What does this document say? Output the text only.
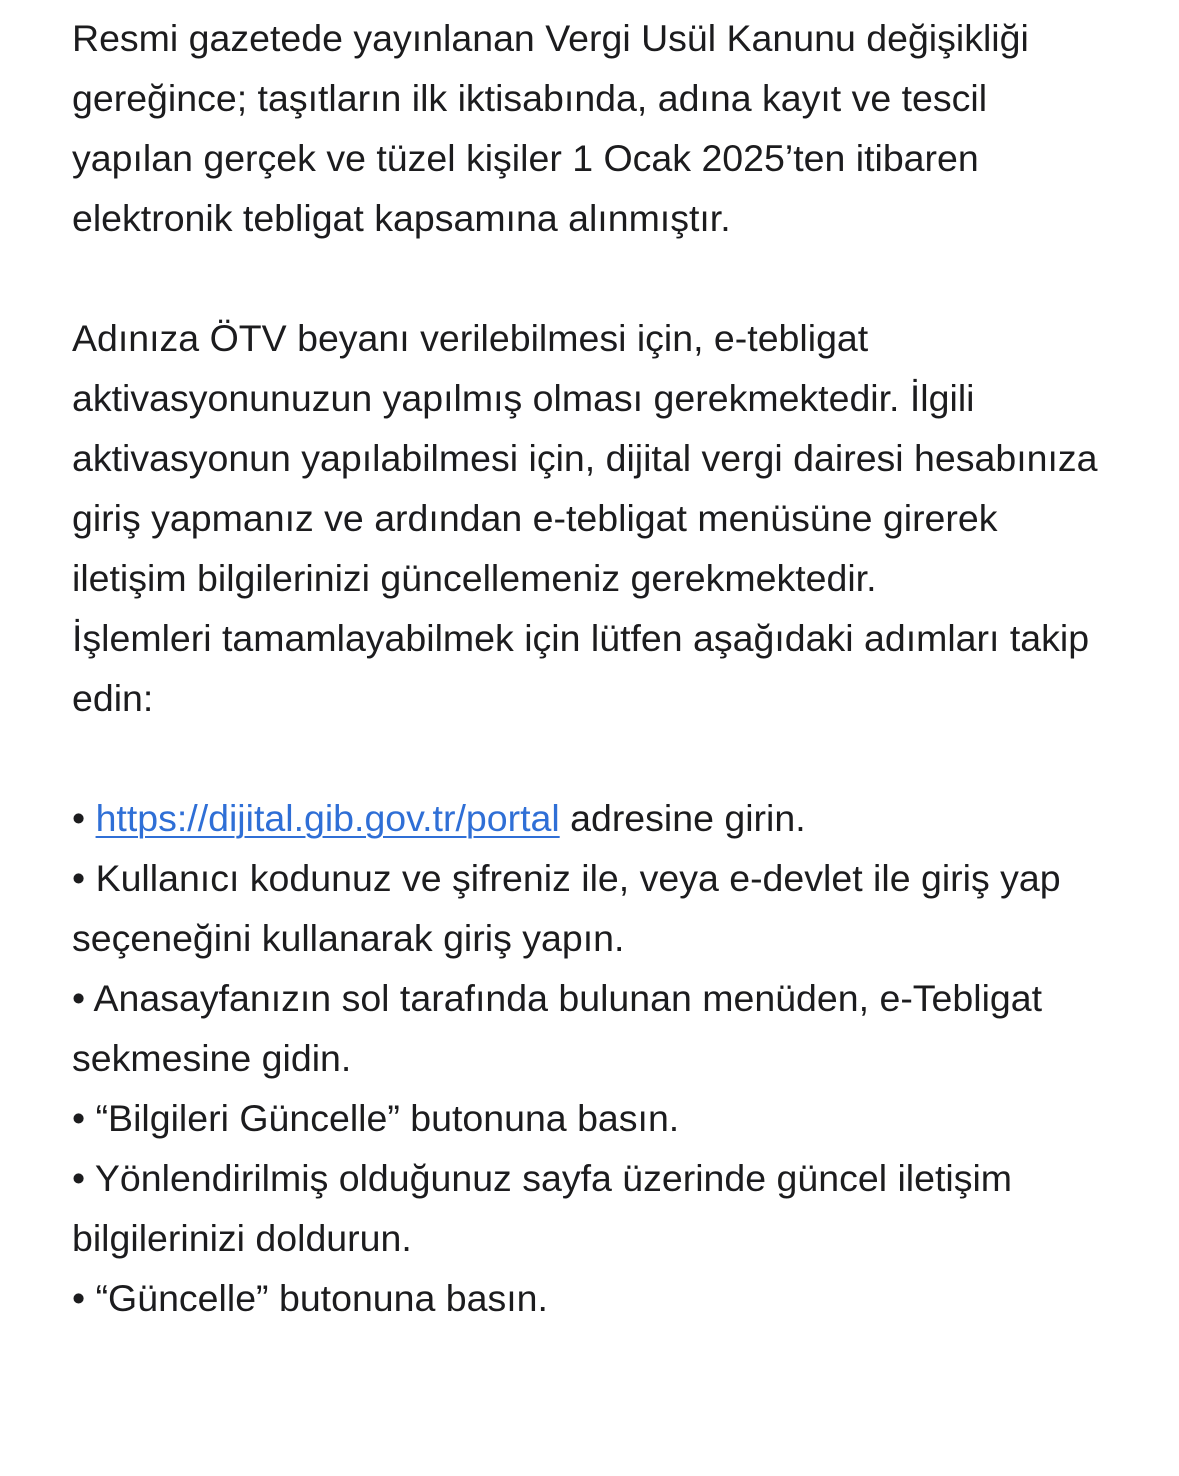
Resmi gazetede yayınlanan Vergi Usül Kanunu değişikliği gereğince; taşıtların ilk iktisabında, adına kayıt ve tescil yapılan gerçek ve tüzel kişiler 1 Ocak 2025’ten itibaren elektronik tebligat kapsamına alınmıştır.

Adınıza ÖTV beyanı verilebilmesi için, e-tebligat aktivasyonunuzun yapılmış olması gerekmektedir. İlgili aktivasyonun yapılabilmesi için, dijital vergi dairesi hesabınıza giriş yapmanız ve ardından e-tebligat menüsüne girerek iletişim bilgilerinizi güncellemeniz gerekmektedir.

İşlemleri tamamlayabilmek için lütfen aşağıdaki adımları takip edin:

• https://dijital.gib.gov.tr/portal adresine girin.

• Kullanıcı kodunuz ve şifreniz ile, veya e-devlet ile giriş yap seçeneğini kullanarak giriş yapın.

• Anasayfanızın sol tarafında bulunan menüden, e-Tebligat sekmesine gidin.

• “Bilgileri Güncelle” butonuna basın.

• Yönlendirilmiş olduğunuz sayfa üzerinde güncel iletişim bilgilerinizi doldurun.

• “Güncelle” butonuna basın.
